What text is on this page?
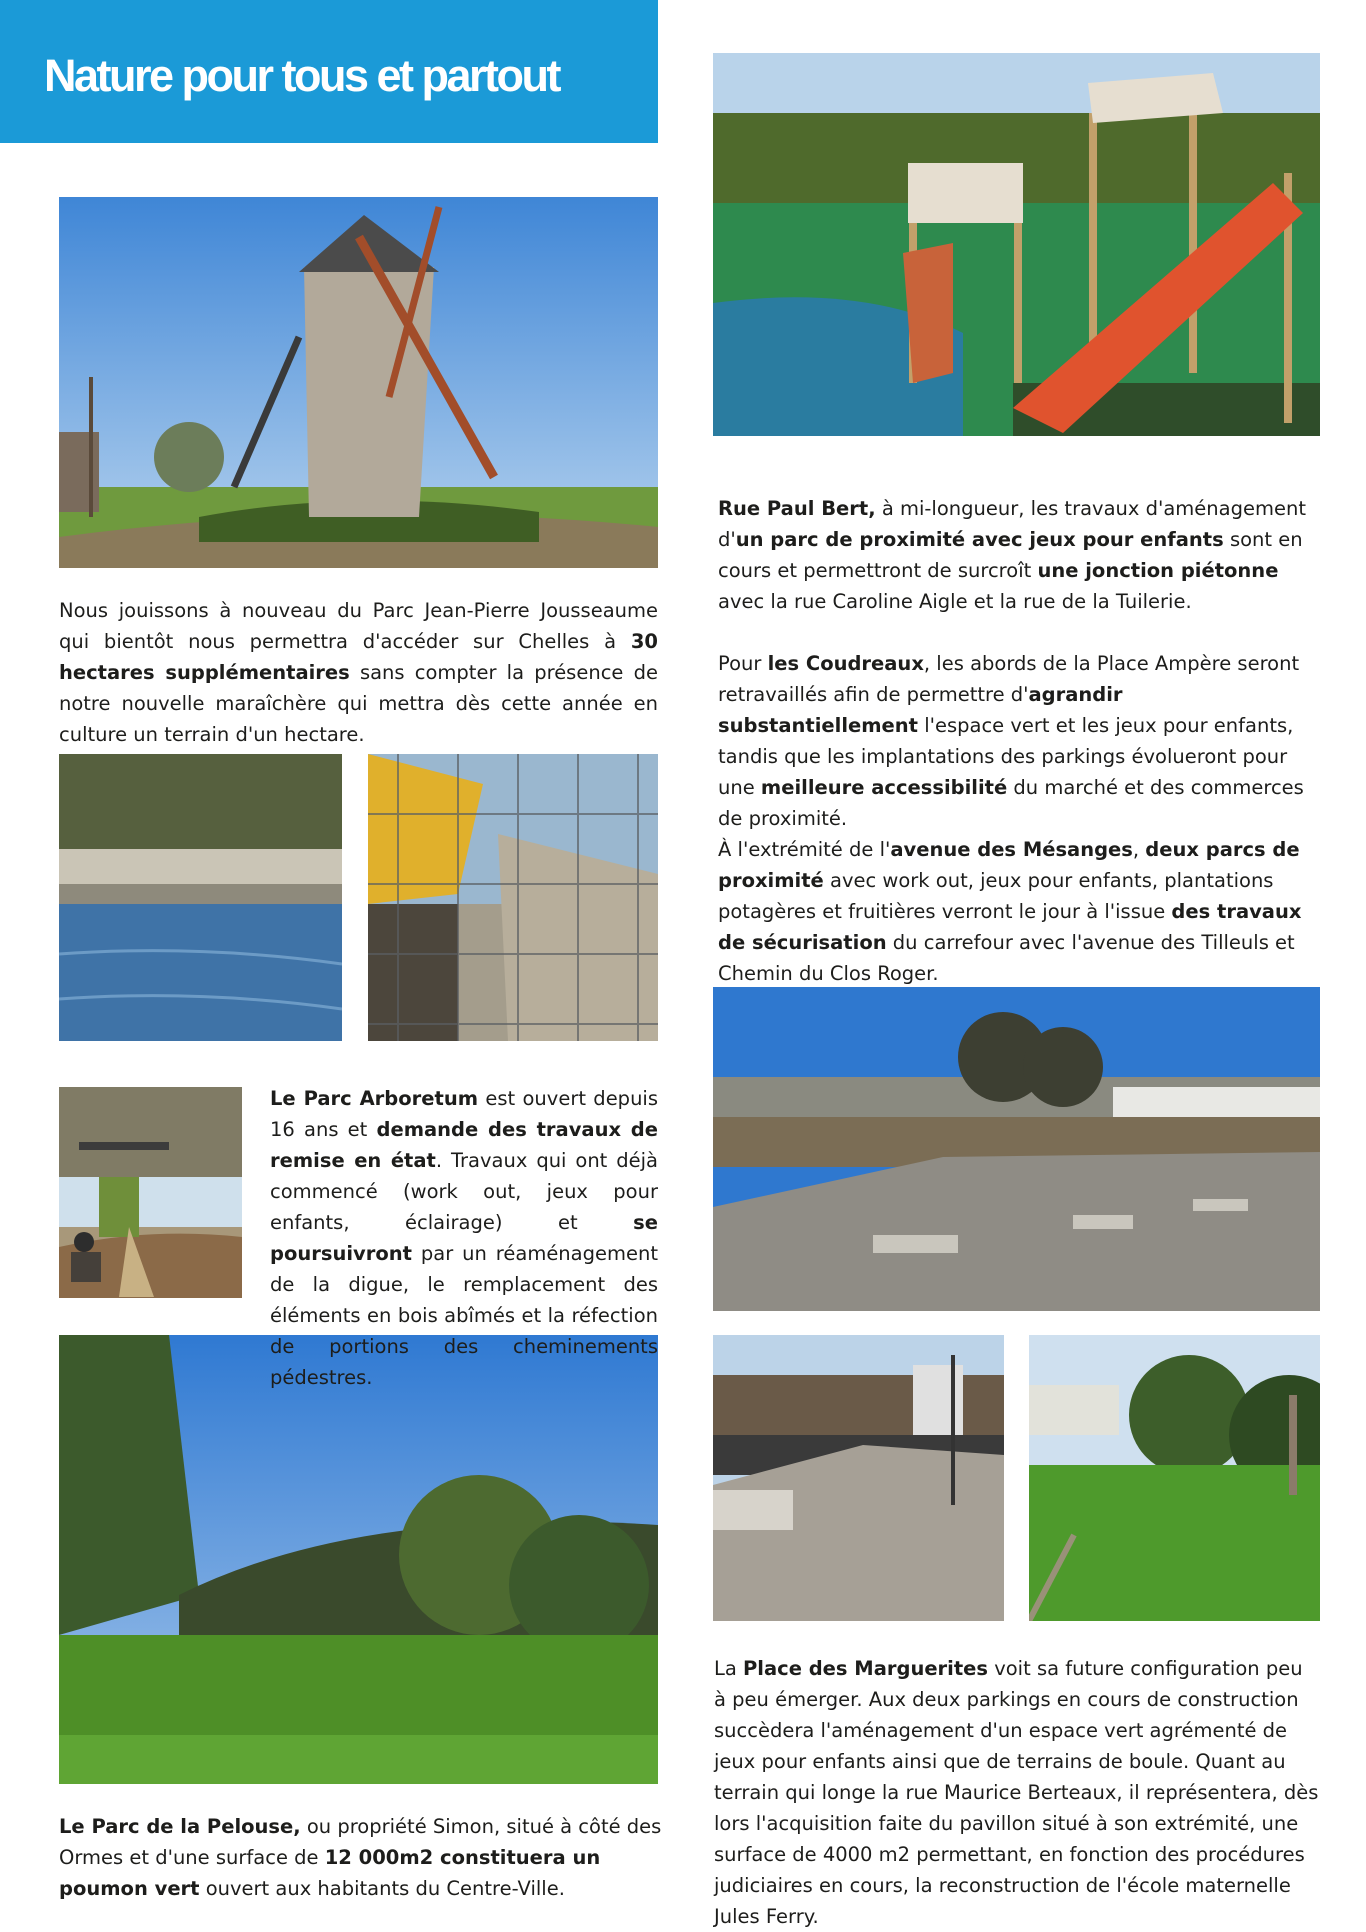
Nature pour tous et partout

Nous jouissons à nouveau du Parc Jean-Pierre Jousseaume qui bientôt nous permettra d'accéder sur Chelles à 30 hectares supplémentaires sans compter la présence de notre nouvelle maraîchère qui mettra dès cette année en culture un terrain d'un hectare.

Rue Paul Bert, à mi-longueur, les travaux d'aménagement d'un parc de proximité avec jeux pour enfants sont en cours et permettront de surcroît une jonction piétonne avec la rue Caroline Aigle et la rue de la Tuilerie.

Pour les Coudreaux, les abords de la Place Ampère seront retravaillés afin de permettre d'agrandir substantiellement l'espace vert et les jeux pour enfants, tandis que les implantations des parkings évolueront pour une meilleure accessibilité du marché et des commerces de proximité.

À l'extrémité de l'avenue des Mésanges, deux parcs de proximité avec work out, jeux pour enfants, plantations potagères et fruitières verront le jour à l'issue des travaux de sécurisation du carrefour avec l'avenue des Tilleuls et Chemin du Clos Roger.

Le Parc Arboretum est ouvert depuis 16 ans et demande des travaux de remise en état. Travaux qui ont déjà commencé (work out, jeux pour enfants, éclairage) et se poursuivront par un réaménagement de la digue, le remplacement des éléments en bois abîmés et la réfection de portions des cheminements pédestres.

Le Parc de la Pelouse, ou propriété Simon, situé à côté des Ormes et d'une surface de 12 000m2 constituera un poumon vert ouvert aux habitants du Centre-Ville.

La Place des Marguerites voit sa future configuration peu à peu émerger. Aux deux parkings en cours de construction succèdera l'aménagement d'un espace vert agrémenté de jeux pour enfants ainsi que de terrains de boule. Quant au terrain qui longe la rue Maurice Berteaux, il représentera, dès lors l'acquisition faite du pavillon situé à son extrémité, une surface de 4000 m2 permettant, en fonction des procédures judiciaires en cours, la reconstruction de l'école maternelle Jules Ferry.
